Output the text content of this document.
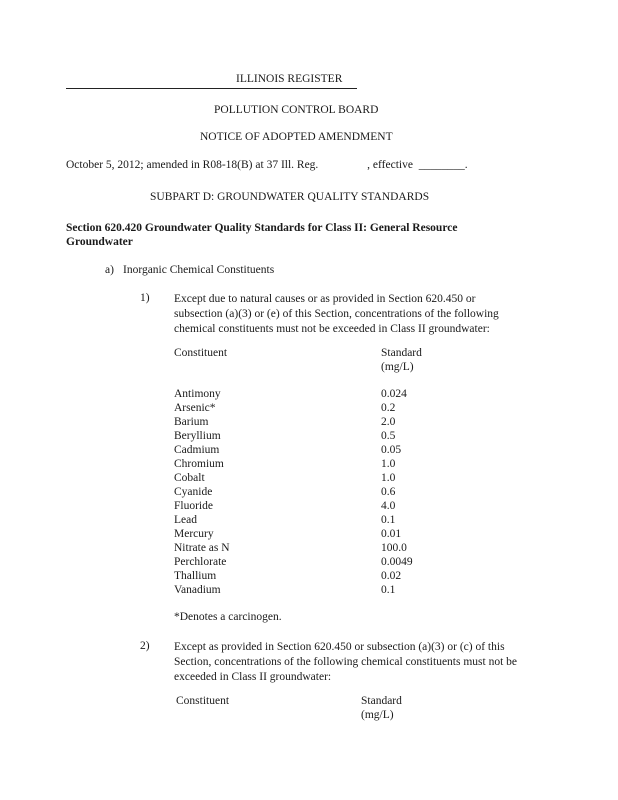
ILLINOIS REGISTER
POLLUTION CONTROL BOARD
NOTICE OF ADOPTED AMENDMENT
October 5, 2012; amended in R08-18(B) at 37 Ill. Reg.                 , effective  ________.
SUBPART D: GROUNDWATER QUALITY STANDARDS
Section 620.420 Groundwater Quality Standards for Class II: General Resource
Groundwater
a) Inorganic Chemical Constituents
1) Except due to natural causes or as provided in Section 620.450 or
subsection (a)(3) or (e) of this Section, concentrations of the following
chemical constituents must not be exceeded in Class II groundwater:
Constituent	Standard
(mg/L)
Antimony	0.024
Arsenic*	0.2
Barium	2.0
Beryllium	0.5
Cadmium	0.05
Chromium	1.0
Cobalt	1.0
Cyanide	0.6
Fluoride	4.0
Lead	0.1
Mercury	0.01
Nitrate as N	100.0
Perchlorate	0.0049
Thallium	0.02
Vanadium	0.1
*Denotes a carcinogen.
2) Except as provided in Section 620.450 or subsection (a)(3) or (c) of this
Section, concentrations of the following chemical constituents must not be
exceeded in Class II groundwater:
Constituent	Standard
(mg/L)
